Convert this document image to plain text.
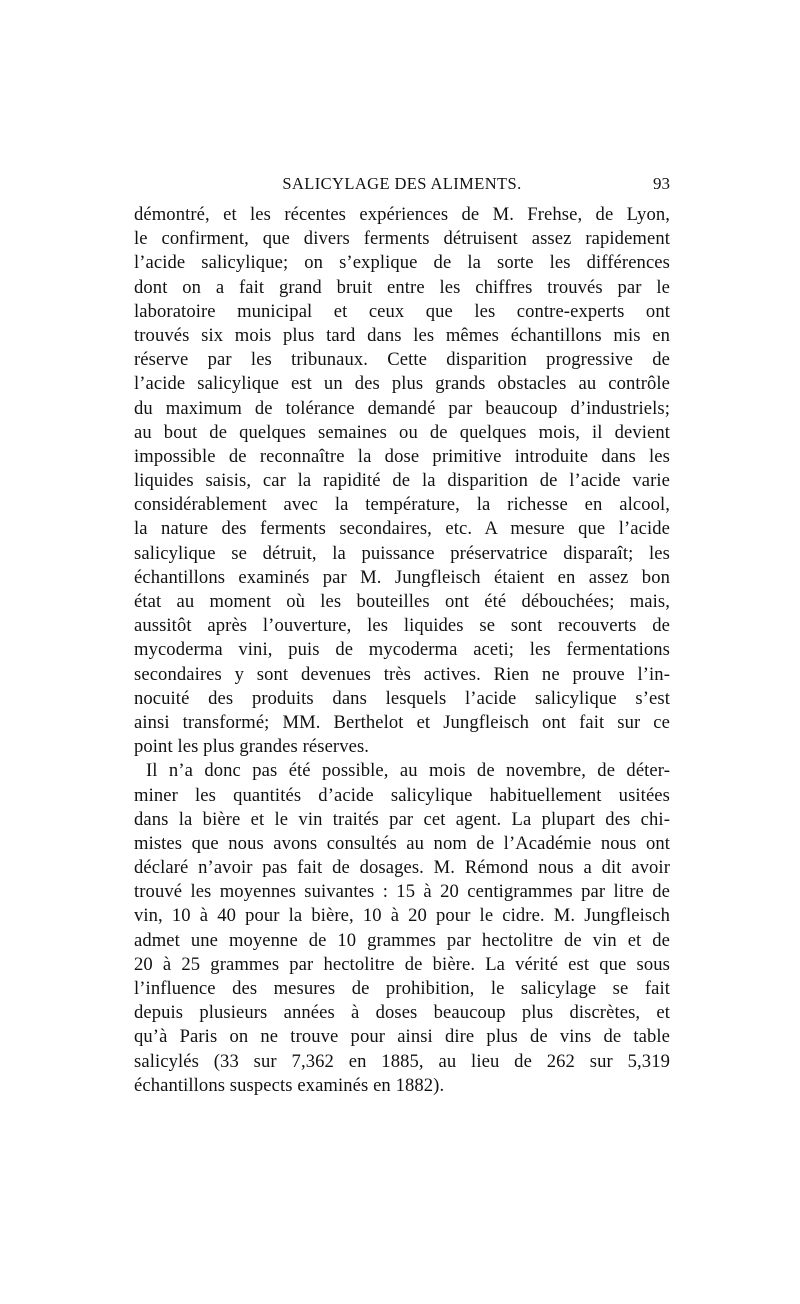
SALICYLAGE DES ALIMENTS.	93
démontré, et les récentes expériences de M. Frehse, de Lyon,
le confirment, que divers ferments détruisent assez rapidement
l’acide salicylique; on s’explique de la sorte les différences
dont on a fait grand bruit entre les chiffres trouvés par le
laboratoire municipal et ceux que les contre-experts ont
trouvés six mois plus tard dans les mêmes échantillons mis en
réserve par les tribunaux. Cette disparition progressive de
l’acide salicylique est un des plus grands obstacles au contrôle
du maximum de tolérance demandé par beaucoup d’industriels;
au bout de quelques semaines ou de quelques mois, il devient
impossible de reconnaître la dose primitive introduite dans les
liquides saisis, car la rapidité de la disparition de l’acide varie
considérablement avec la température, la richesse en alcool,
la nature des ferments secondaires, etc. A mesure que l’acide
salicylique se détruit, la puissance préservatrice disparaît; les
échantillons examinés par M. Jungfleisch étaient en assez bon
état au moment où les bouteilles ont été débouchées; mais,
aussitôt après l’ouverture, les liquides se sont recouverts de
mycoderma vini, puis de mycoderma aceti; les fermentations
secondaires y sont devenues très actives. Rien ne prouve l’in-
nocuité des produits dans lesquels l’acide salicylique s’est
ainsi transformé; MM. Berthelot et Jungfleisch ont fait sur ce
point les plus grandes réserves.
Il n’a donc pas été possible, au mois de novembre, de déter-
miner les quantités d’acide salicylique habituellement usitées
dans la bière et le vin traités par cet agent. La plupart des chi-
mistes que nous avons consultés au nom de l’Académie nous ont
déclaré n’avoir pas fait de dosages. M. Rémond nous a dit avoir
trouvé les moyennes suivantes : 15 à 20 centigrammes par litre de
vin, 10 à 40 pour la bière, 10 à 20 pour le cidre. M. Jungfleisch
admet une moyenne de 10 grammes par hectolitre de vin et de
20 à 25 grammes par hectolitre de bière. La vérité est que sous
l’influence des mesures de prohibition, le salicylage se fait
depuis plusieurs années à doses beaucoup plus discrètes, et
qu’à Paris on ne trouve pour ainsi dire plus de vins de table
salicylés (33 sur 7,362 en 1885, au lieu de 262 sur 5,319
échantillons suspects examinés en 1882).
